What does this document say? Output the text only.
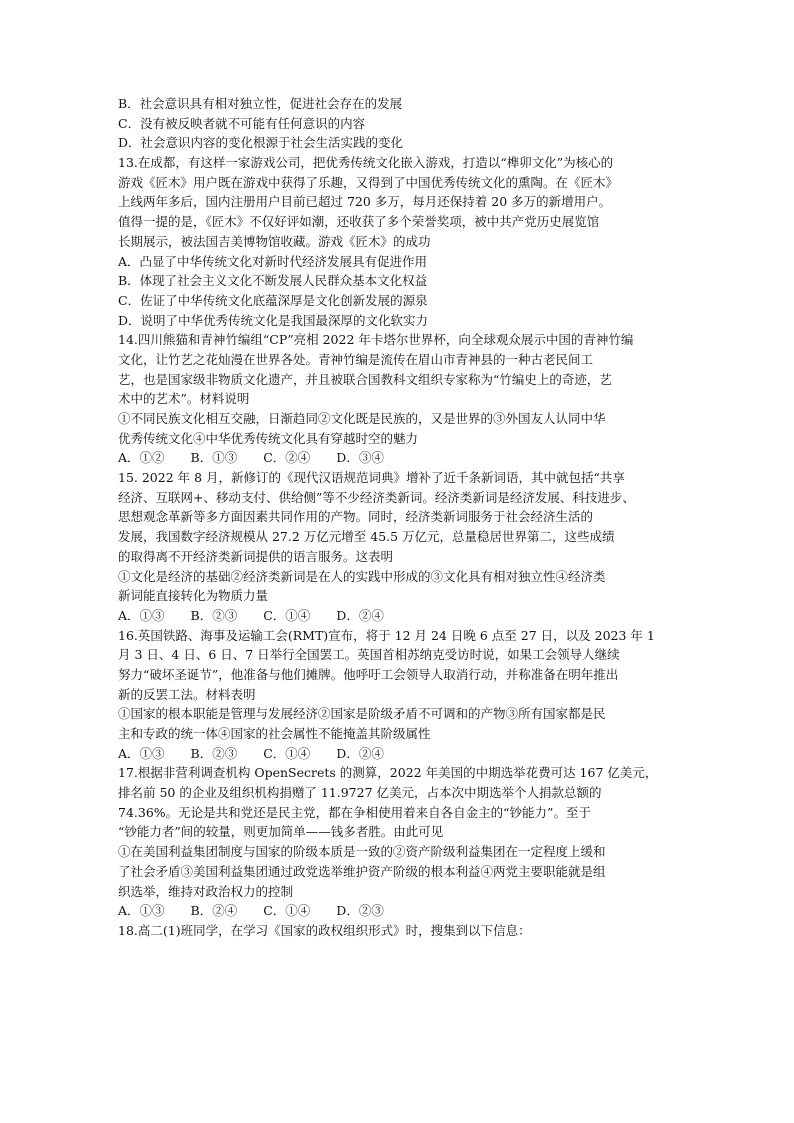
B．社会意识具有相对独立性，促进社会存在的发展
C．没有被反映者就不可能有任何意识的内容
D．社会意识内容的变化根源于社会生活实践的变化
13.在成都，有这样一家游戏公司，把优秀传统文化嵌入游戏，打造以“榫卯文化”为核心的
游戏《匠木》用户既在游戏中获得了乐趣，又得到了中国优秀传统文化的熏陶。在《匠木》
上线两年多后，国内注册用户目前已超过 720 多万，每月还保持着 20 多万的新增用户。
值得一提的是，《匠木》不仅好评如潮，还收获了多个荣誉奖项，被中共产党历史展览馆
长期展示，被法国吉美博物馆收藏。游戏《匠木》的成功
A．凸显了中华传统文化对新时代经济发展具有促进作用
B．体现了社会主义文化不断发展人民群众基本文化权益
C．佐证了中华传统文化底蕴深厚是文化创新发展的源泉
D．说明了中华优秀传统文化是我国最深厚的文化软实力
14.四川熊猫和青神竹编组“CP”亮相 2022 年卡塔尔世界杯，向全球观众展示中国的青神竹编
文化，让竹艺之花灿漫在世界各处。青神竹编是流传在眉山市青神县的一种古老民间工
艺，也是国家级非物质文化遗产，并且被联合国教科文组织专家称为“竹编史上的奇迹，艺
术中的艺术”。材料说明
①不同民族文化相互交融，日渐趋同②文化既是民族的，又是世界的③外国友人认同中华
优秀传统文化④中华优秀传统文化具有穿越时空的魅力
A．①② B．①③ C．②④ D．③④
15. 2022 年 8 月，新修订的《现代汉语规范词典》增补了近千条新词语，其中就包括“共享
经济、互联网+、移动支付、供给侧”等不少经济类新词。经济类新词是经济发展、科技进步、
思想观念革新等多方面因素共同作用的产物。同时，经济类新词服务于社会经济生活的
发展，我国数字经济规模从 27.2 万亿元增至 45.5 万亿元，总量稳居世界第二，这些成绩
的取得离不开经济类新词提供的语言服务。这表明
①文化是经济的基础②经济类新词是在人的实践中形成的③文化具有相对独立性④经济类
新词能直接转化为物质力量
A．①③ B．②③ C．①④ D．②④
16.英国铁路、海事及运输工会(RMT)宣布，将于 12 月 24 日晚 6 点至 27 日，以及 2023 年 1
月 3 日、4 日、6 日、7 日举行全国罢工。英国首相苏纳克受访时说，如果工会领导人继续
努力“破坏圣诞节”，他准备与他们摊牌。他呼吁工会领导人取消行动，并称准备在明年推出
新的反罢工法。材料表明
①国家的根本职能是管理与发展经济②国家是阶级矛盾不可调和的产物③所有国家都是民
主和专政的统一体④国家的社会属性不能掩盖其阶级属性
A．①③ B．②③ C．①④ D．②④
17.根据非营利调查机构 OpenSecrets 的测算，2022 年美国的中期选举花费可达 167 亿美元，
排名前 50 的企业及组织机构捐赠了 11.9727 亿美元，占本次中期选举个人捐款总额的
74.36%。无论是共和党还是民主党，都在争相使用着来自各自金主的“钞能力”。至于
“钞能力者”间的较量，则更加简单——钱多者胜。由此可见
①在美国利益集团制度与国家的阶级本质是一致的②资产阶级利益集团在一定程度上缓和
了社会矛盾③美国利益集团通过政党选举维护资产阶级的根本利益④两党主要职能就是组
织选举，维持对政治权力的控制
A．①③ B．②④ C．①④ D．②③
18.高二(1)班同学，在学习《国家的政权组织形式》时，搜集到以下信息：
